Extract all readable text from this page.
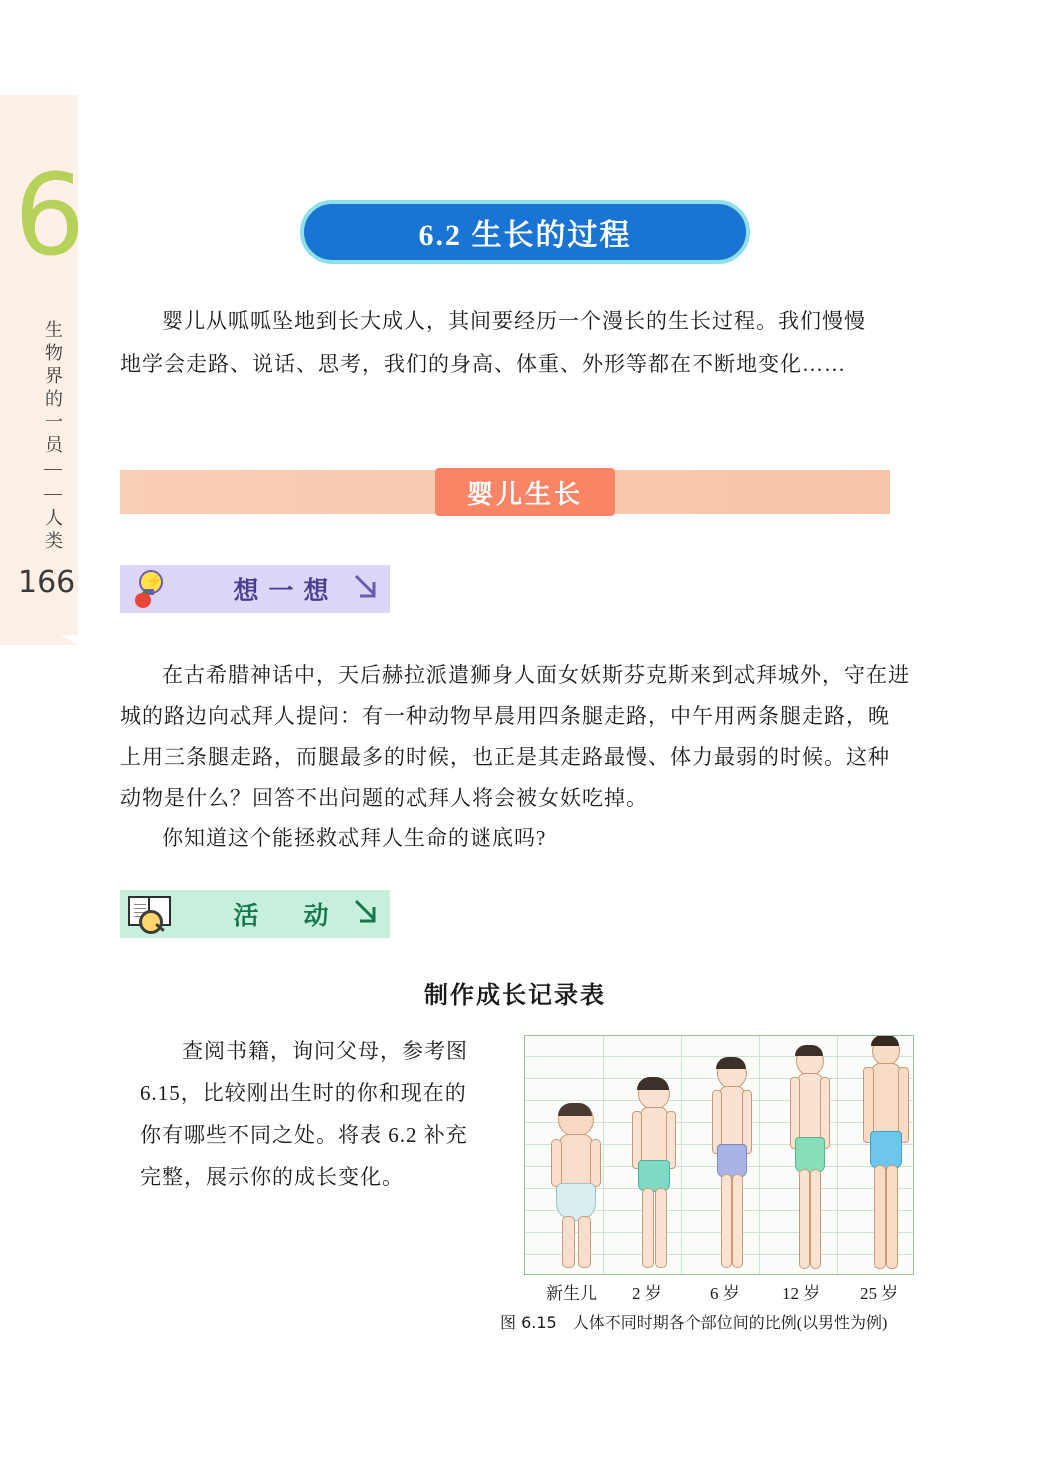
6
生物界的一员——人类
166
6.2 生长的过程
婴儿从呱呱坠地到长大成人，其间要经历一个漫长的生长过程。我们慢慢地学会走路、说话、思考，我们的身高、体重、外形等都在不断地变化……
婴儿生长
⚡	想一想
在古希腊神话中，天后赫拉派遣狮身人面女妖斯芬克斯来到忒拜城外，守在进城的路边向忒拜人提问：有一种动物早晨用四条腿走路，中午用两条腿走路，晚上用三条腿走路，而腿最多的时候，也正是其走路最慢、体力最弱的时候。这种动物是什么？回答不出问题的忒拜人将会被女妖吃掉。
你知道这个能拯救忒拜人生命的谜底吗?
活　动
制作成长记录表
查阅书籍，询问父母，参考图6.15，比较刚出生时的你和现在的你有哪些不同之处。将表 6.2 补充完整，展示你的成长变化。
新生儿 2 岁	6 岁 12 岁 25 岁
图 6.15 人体不同时期各个部位间的比例(以男性为例)
